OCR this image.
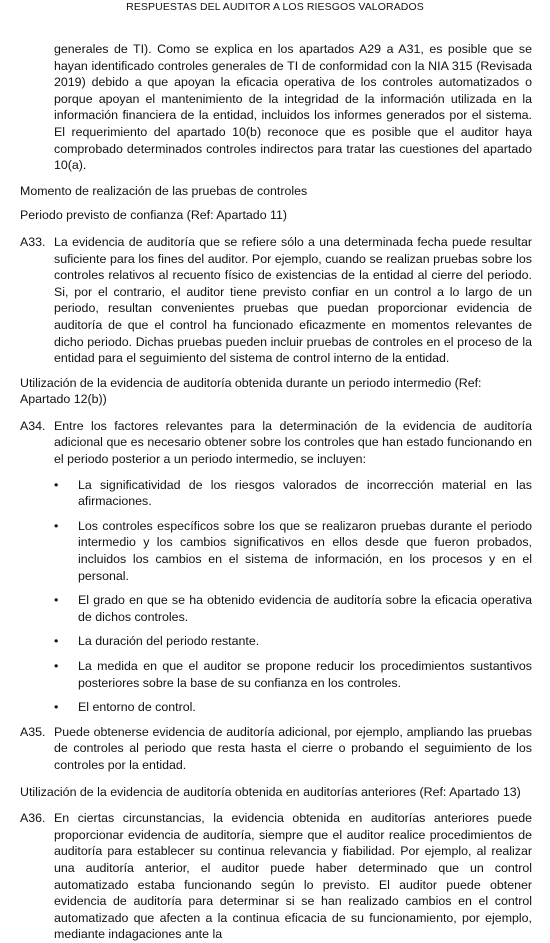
RESPUESTAS DEL AUDITOR A LOS RIESGOS VALORADOS

generales de TI). Como se explica en los apartados A29 a A31, es posible que se hayan identificado controles generales de TI de conformidad con la NIA 315 (Revisada 2019) debido a que apoyan la eficacia operativa de los controles automatizados o porque apoyan el mantenimiento de la integridad de la información utilizada en la información financiera de la entidad, incluidos los informes generados por el sistema. El requerimiento del apartado 10(b) reconoce que es posible que el auditor haya comprobado determinados controles indirectos para tratar las cuestiones del apartado 10(a).

Momento de realización de las pruebas de controles

Periodo previsto de confianza (Ref: Apartado 11)

A33. La evidencia de auditoría que se refiere sólo a una determinada fecha puede resultar suficiente para los fines del auditor. Por ejemplo, cuando se realizan pruebas sobre los controles relativos al recuento físico de existencias de la entidad al cierre del periodo. Si, por el contrario, el auditor tiene previsto confiar en un control a lo largo de un periodo, resultan convenientes pruebas que puedan proporcionar evidencia de auditoría de que el control ha funcionado eficazmente en momentos relevantes de dicho periodo. Dichas pruebas pueden incluir pruebas de controles en el proceso de la entidad para el seguimiento del sistema de control interno de la entidad.

Utilización de la evidencia de auditoría obtenida durante un periodo intermedio (Ref: Apartado 12(b))

A34. Entre los factores relevantes para la determinación de la evidencia de auditoría adicional que es necesario obtener sobre los controles que han estado funcionando en el periodo posterior a un periodo intermedio, se incluyen:
•	La significatividad de los riesgos valorados de incorrección material en las afirmaciones.
•	Los controles específicos sobre los que se realizaron pruebas durante el periodo intermedio y los cambios significativos en ellos desde que fueron probados, incluidos los cambios en el sistema de información, en los procesos y en el personal.
•	El grado en que se ha obtenido evidencia de auditoría sobre la eficacia operativa de dichos controles.
•	La duración del periodo restante.
•	La medida en que el auditor se propone reducir los procedimientos sustantivos posteriores sobre la base de su confianza en los controles.
•	El entorno de control.
A35. Puede obtenerse evidencia de auditoría adicional, por ejemplo, ampliando las pruebas de controles al periodo que resta hasta el cierre o probando el seguimiento de los controles por la entidad.

Utilización de la evidencia de auditoría obtenida en auditorías anteriores (Ref: Apartado 13)

A36. En ciertas circunstancias, la evidencia obtenida en auditorías anteriores puede proporcionar evidencia de auditoría, siempre que el auditor realice procedimientos de auditoría para establecer su continua relevancia y fiabilidad. Por ejemplo, al realizar una auditoría anterior, el auditor puede haber determinado que un control automatizado estaba funcionando según lo previsto. El auditor puede obtener evidencia de auditoría para determinar si se han realizado cambios en el control automatizado que afecten a la continua eficacia de su funcionamiento, por ejemplo, mediante indagaciones ante la
